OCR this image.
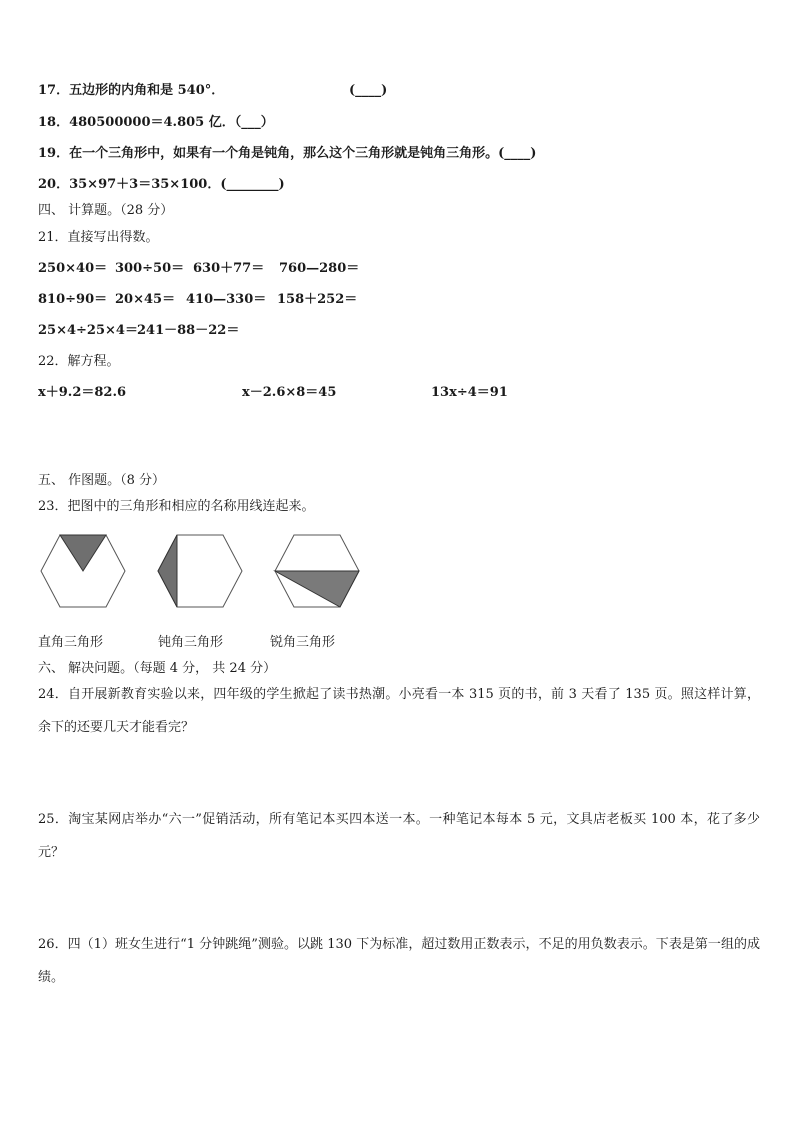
17．五边形的内角和是 540°．	(____)
18．480500000＝4.805 亿．（___）
19．在一个三角形中，如果有一个角是钝角，那么这个三角形就是钝角三角形。(____)
20．35×97＋3＝35×100．(________)
四、 计算题。（28 分）
21．直接写出得数。
250×40＝ 300÷50＝ 630＋77＝ 760—280＝
810÷90＝ 20×45＝ 410—330＝ 158＋252＝
25×4÷25×4＝ 241－88－22＝
22．解方程。
x＋9.2＝82.6	x－2.6×8＝45	13x÷4＝91
五、 作图题。（8 分）
23．把图中的三角形和相应的名称用线连起来。
直角三角形	钝角三角形	锐角三角形
六、 解决问题。（每题 4 分， 共 24 分）
24．自开展新教育实验以来，四年级的学生掀起了读书热潮。小亮看一本 315 页的书，前 3 天看了 135 页。照这样计算，余下的还要几天才能看完？
25．淘宝某网店举办“六一”促销活动，所有笔记本买四本送一本。一种笔记本每本 5 元，文具店老板买 100 本，花了多少元？
26．四（1）班女生进行“1 分钟跳绳”测验。以跳 130 下为标准，超过数用正数表示，不足的用负数表示。下表是第一组的成绩。
